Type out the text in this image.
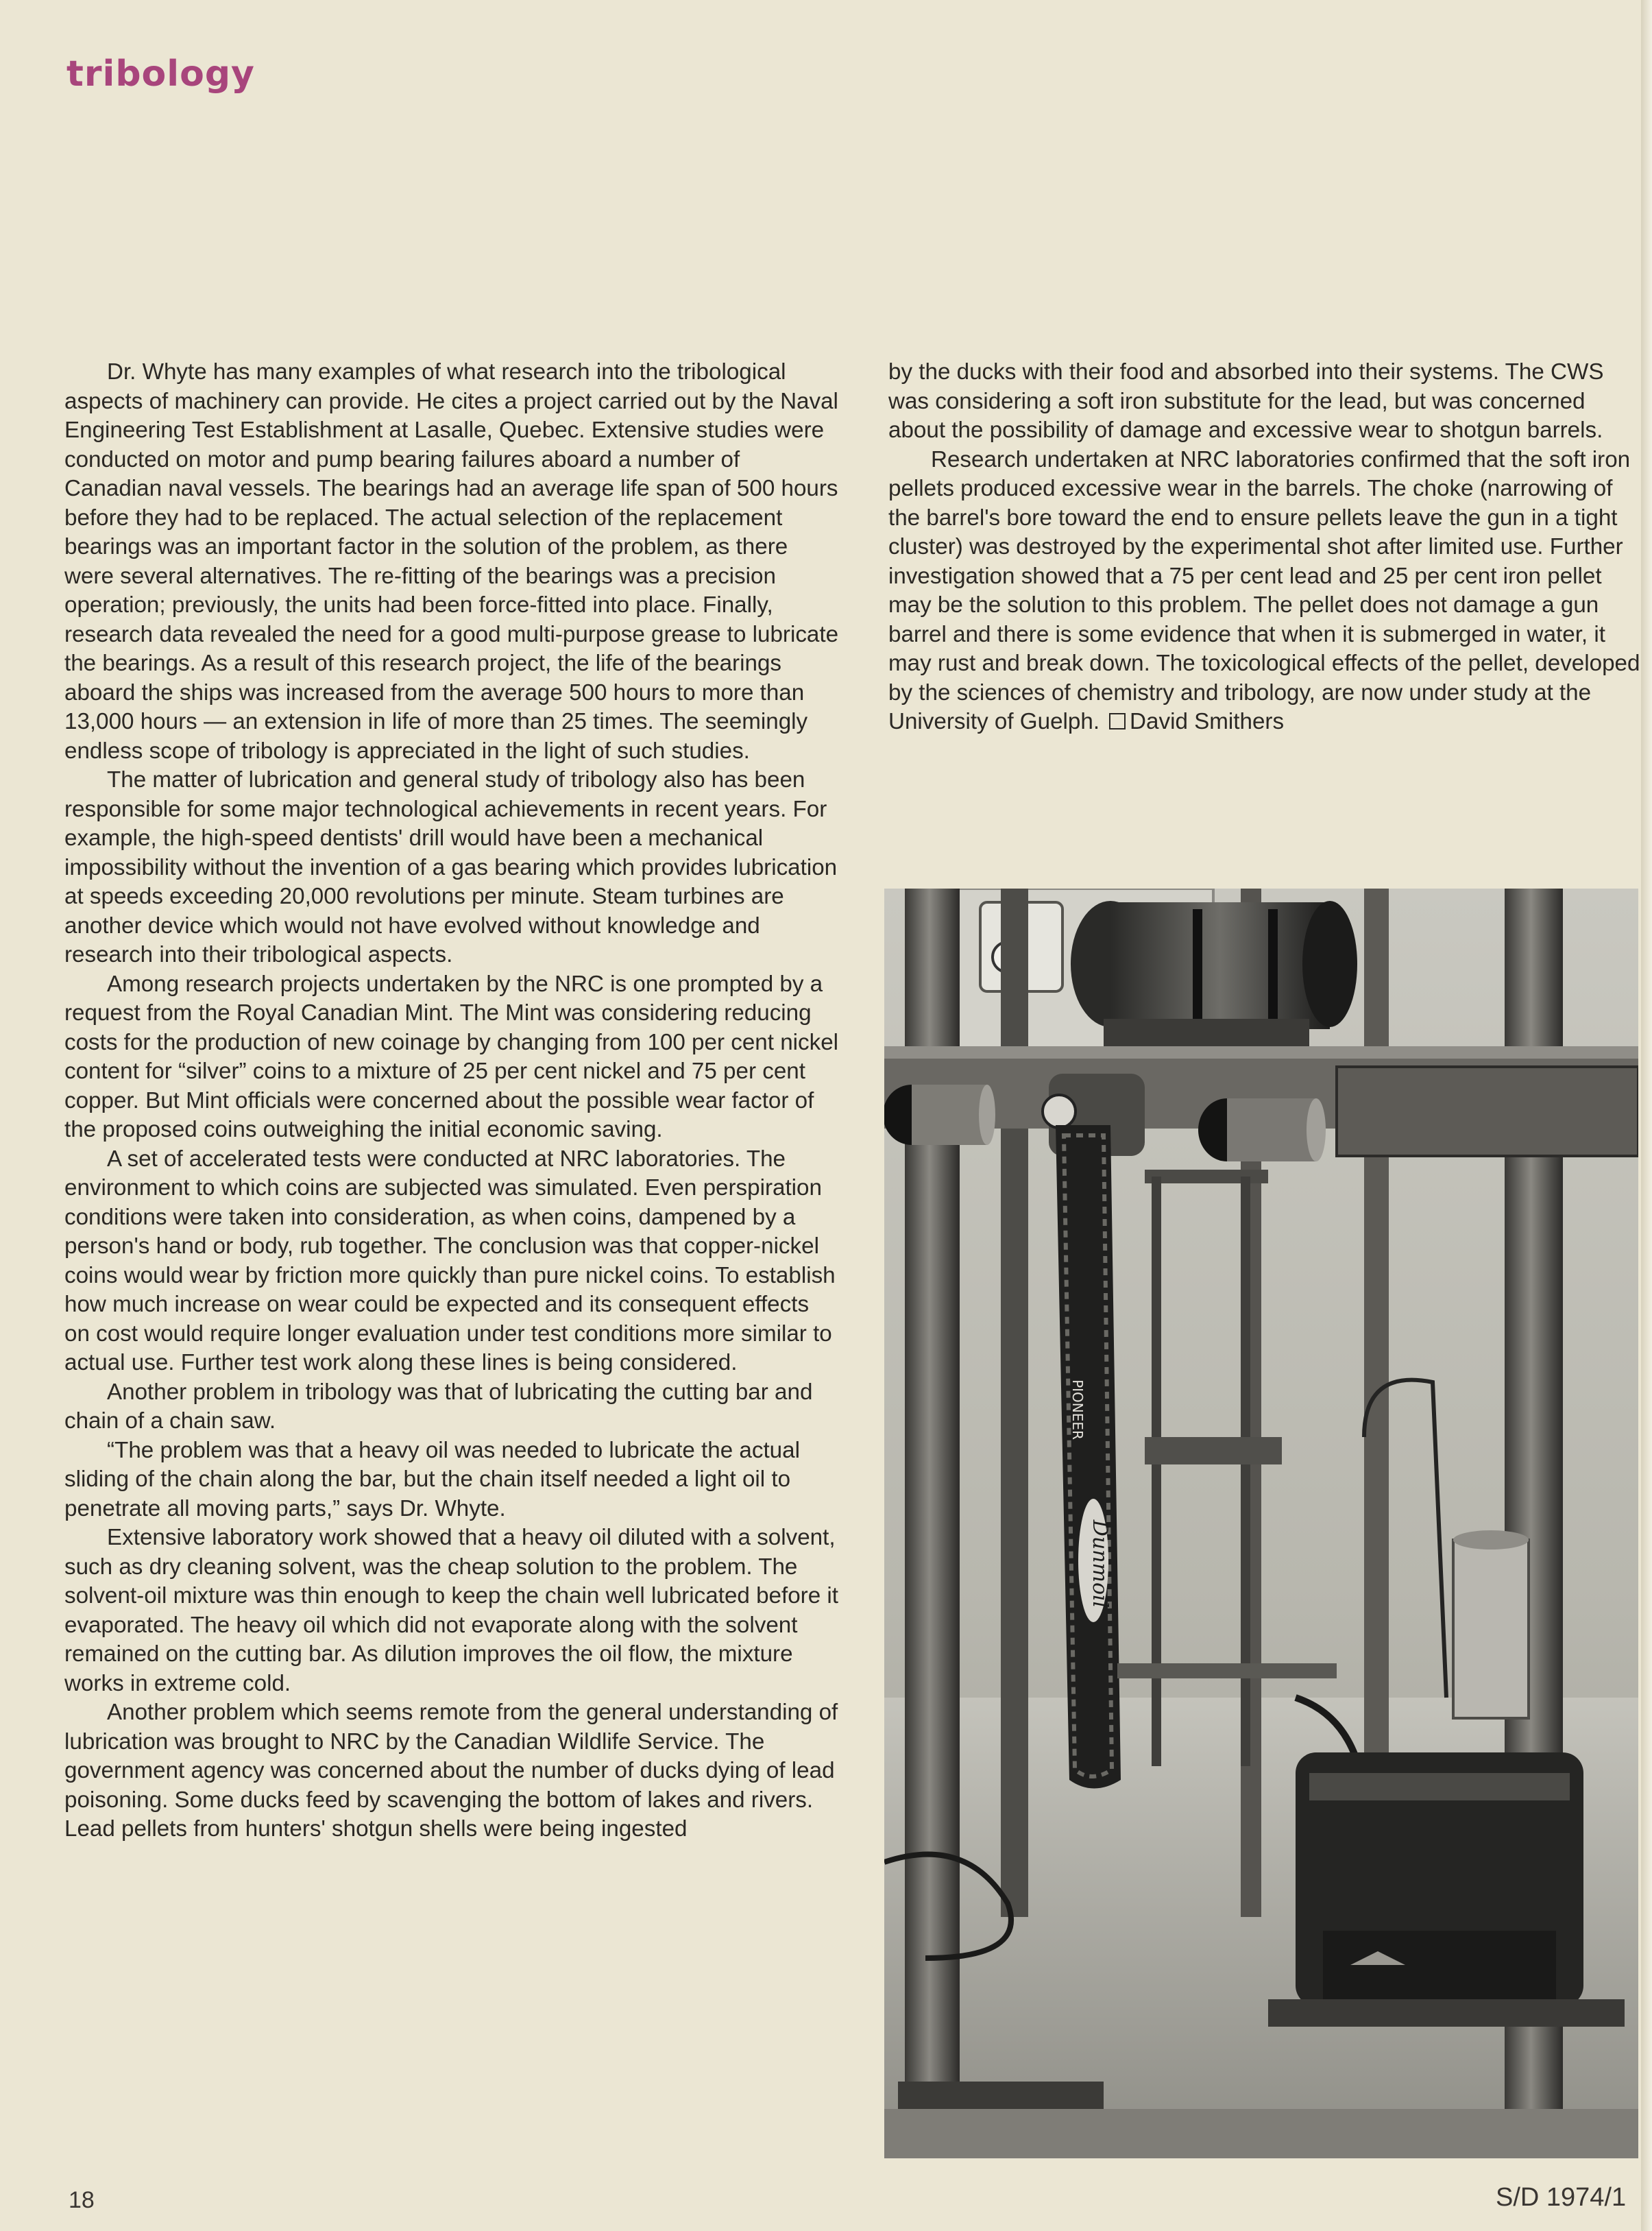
tribology

Dr. Whyte has many examples of what research into the tribological aspects of machinery can provide. He cites a project carried out by the Naval Engineering Test Establishment at Lasalle, Quebec. Extensive studies were conducted on motor and pump bearing failures aboard a number of Canadian naval vessels. The bearings had an average life span of 500 hours before they had to be replaced. The actual selection of the replacement bearings was an important factor in the solution of the problem, as there were several alternatives. The re-fitting of the bearings was a precision operation; previously, the units had been force-fitted into place. Finally, research data revealed the need for a good multi-purpose grease to lubricate the bearings. As a result of this research project, the life of the bearings aboard the ships was increased from the average 500 hours to more than 13,000 hours — an extension in life of more than 25 times. The seemingly endless scope of tribology is appreciated in the light of such studies.

The matter of lubrication and general study of tribology also has been responsible for some major technological achievements in recent years. For example, the high-speed dentists' drill would have been a mechanical impossibility without the invention of a gas bearing which provides lubrication at speeds exceeding 20,000 revolutions per minute. Steam turbines are another device which would not have evolved without knowledge and research into their tribological aspects.

Among research projects undertaken by the NRC is one prompted by a request from the Royal Canadian Mint. The Mint was considering reducing costs for the production of new coinage by changing from 100 per cent nickel content for “silver” coins to a mixture of 25 per cent nickel and 75 per cent copper. But Mint officials were concerned about the possible wear factor of the proposed coins outweighing the initial economic saving.

A set of accelerated tests were conducted at NRC laboratories. The environment to which coins are subjected was simulated. Even perspiration conditions were taken into consideration, as when coins, dampened by a person's hand or body, rub together. The conclusion was that copper-nickel coins would wear by friction more quickly than pure nickel coins. To establish how much increase on wear could be expected and its consequent effects on cost would require longer evaluation under test conditions more similar to actual use. Further test work along these lines is being considered.

Another problem in tribology was that of lubricating the cutting bar and chain of a chain saw.

“The problem was that a heavy oil was needed to lubricate the actual sliding of the chain along the bar, but the chain itself needed a light oil to penetrate all moving parts,” says Dr. Whyte.

Extensive laboratory work showed that a heavy oil diluted with a solvent, such as dry cleaning solvent, was the cheap solution to the problem. The solvent-oil mixture was thin enough to keep the chain well lubricated before it evaporated. The heavy oil which did not evaporate along with the solvent remained on the cutting bar. As dilution improves the oil flow, the mixture works in extreme cold.

Another problem which seems remote from the general understanding of lubrication was brought to NRC by the Canadian Wildlife Service. The government agency was concerned about the number of ducks dying of lead poisoning. Some ducks feed by scavenging the bottom of lakes and rivers. Lead pellets from hunters' shotgun shells were being ingested

by the ducks with their food and absorbed into their systems. The CWS was considering a soft iron substitute for the lead, but was concerned about the possibility of damage and excessive wear to shotgun barrels.

Research undertaken at NRC laboratories confirmed that the soft iron pellets produced excessive wear in the barrels. The choke (narrowing of the barrel's bore toward the end to ensure pellets leave the gun in a tight cluster) was destroyed by the experimental shot after limited use. Further investigation showed that a 75 per cent lead and 25 per cent iron pellet may be the solution to this problem. The pellet does not damage a gun barrel and there is some evidence that when it is submerged in water, it may rust and break down. The toxicological effects of the pellet, developed by the sciences of chemistry and tribology, are now under study at the University of Guelph. David Smithers

Dunmoil
PIONEER

18	S/D 1974/1
